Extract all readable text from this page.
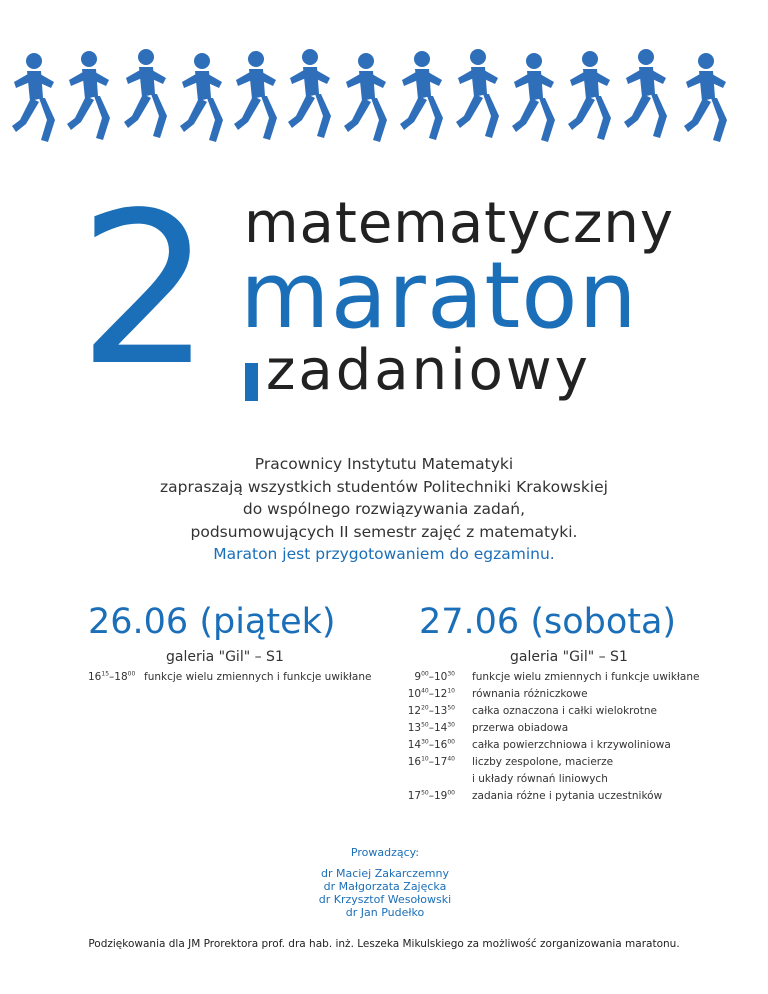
2 matematyczny
maraton
zadaniowy
Pracownicy Instytutu Matematyki
zapraszają wszystkich studentów Politechniki Krakowskiej
do wspólnego rozwiązywania zadań,
podsumowujących II semestr zajęć z matematyki.
Maraton jest przygotowaniem do egzaminu.
26.06 (piątek)
galeria "Gil" – S1
$16^{15}-18^{00}$ funkcje wielu zmiennych i funkcje uwikłane
27.06 (sobota)
galeria "Gil" – S1
$9^{00}-10^{30}$ funkcje wielu zmiennych i funkcje uwikłane
$10^{40}-12^{10}$ równania różniczkowe
$12^{20}-13^{50}$ całka oznaczona i całki wielokrotne
$13^{50}-14^{30}$ przerwa obiadowa
$14^{30}-16^{00}$ całka powierzchniowa i krzywoliniowa
$16^{10}-17^{40}$ liczby zespolone, macierze
i układy równań liniowych
$17^{50}-19^{00}$ zadania różne i pytania uczestników
Prowadzący:
dr Maciej Zakarczemny
dr Małgorzata Zajęcka
dr Krzysztof Wesołowski
dr Jan Pudełko
Podziękowania dla JM Prorektora prof. dra hab. inż. Leszeka Mikulskiego za możliwość zorganizowania maratonu.
